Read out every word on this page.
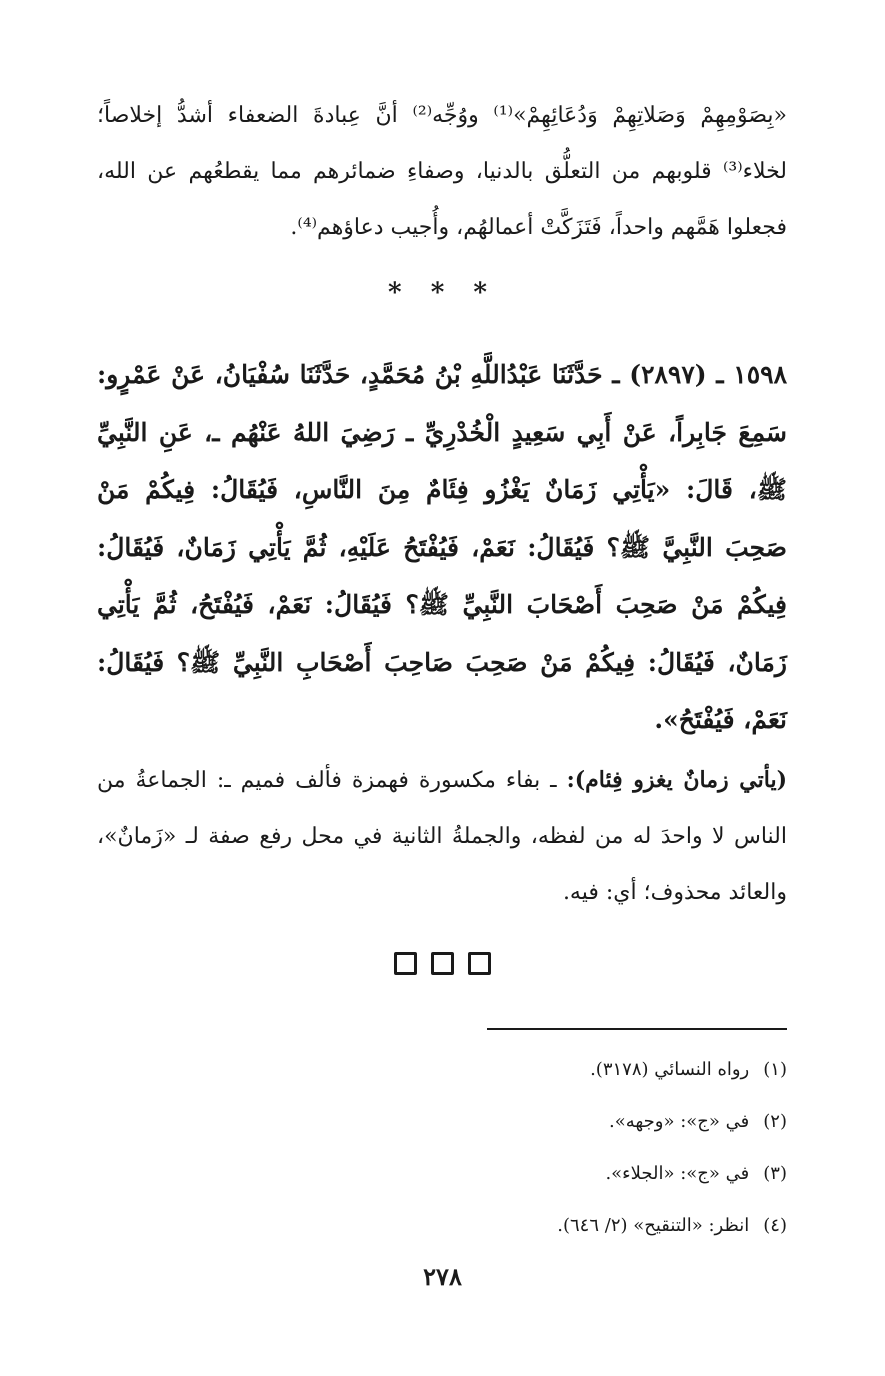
«بِصَوْمِهِمْ وَصَلاتِهِمْ وَدُعَائِهِمْ»⁽¹⁾ ووُجِّه⁽²⁾ أنَّ عِبادةَ الضعفاء أشدُّ إخلاصاً؛ لخلاء⁽³⁾ قلوبهم من التعلُّق بالدنيا، وصفاءِ ضمائرهم مما يقطعُهم عن الله، فجعلوا هَمَّهم واحداً، فَتَزَكَّتْ أعمالهُم، وأُجيب دعاؤهم⁽⁴⁾.

* * *

١٥٩٨ ـ (٢٨٩٧) ـ حَدَّثَنَا عَبْدُاللَّهِ بْنُ مُحَمَّدٍ، حَدَّثَنَا سُفْيَانُ، عَنْ عَمْرٍو: سَمِعَ جَابِراً، عَنْ أَبِي سَعِيدٍ الْخُدْرِيِّ ـ رَضِيَ اللهُ عَنْهُم ـ، عَنِ النَّبِيِّ ﷺ، قَالَ: «يَأْتِي زَمَانٌ يَغْزُو فِئَامٌ مِنَ النَّاسِ، فَيُقَالُ: فِيكُمْ مَنْ صَحِبَ النَّبِيَّ ﷺ؟ فَيُقَالُ: نَعَمْ، فَيُفْتَحُ عَلَيْهِ، ثُمَّ يَأْتِي زَمَانٌ، فَيُقَالُ: فِيكُمْ مَنْ صَحِبَ أَصْحَابَ النَّبِيِّ ﷺ؟ فَيُقَالُ: نَعَمْ، فَيُفْتَحُ، ثُمَّ يَأْتِي زَمَانٌ، فَيُقَالُ: فِيكُمْ مَنْ صَحِبَ صَاحِبَ أَصْحَابِ النَّبِيِّ ﷺ؟ فَيُقَالُ: نَعَمْ، فَيُفْتَحُ».

(يأتي زمانٌ يغزو فِئام): ـ بفاء مكسورة فهمزة فألف فميم ـ: الجماعةُ من الناس لا واحدَ له من لفظه، والجملةُ الثانية في محل رفع صفة لـ «زَمانٌ»، والعائد محذوف؛ أي: فيه.

(١)رواه النسائي (٣١٧٨).
(٢)في «ج»: «وجهه».
(٣)في «ج»: «الجلاء».
(٤)انظر: «التنقيح» (٢/ ٦٤٦).
٢٧٨
